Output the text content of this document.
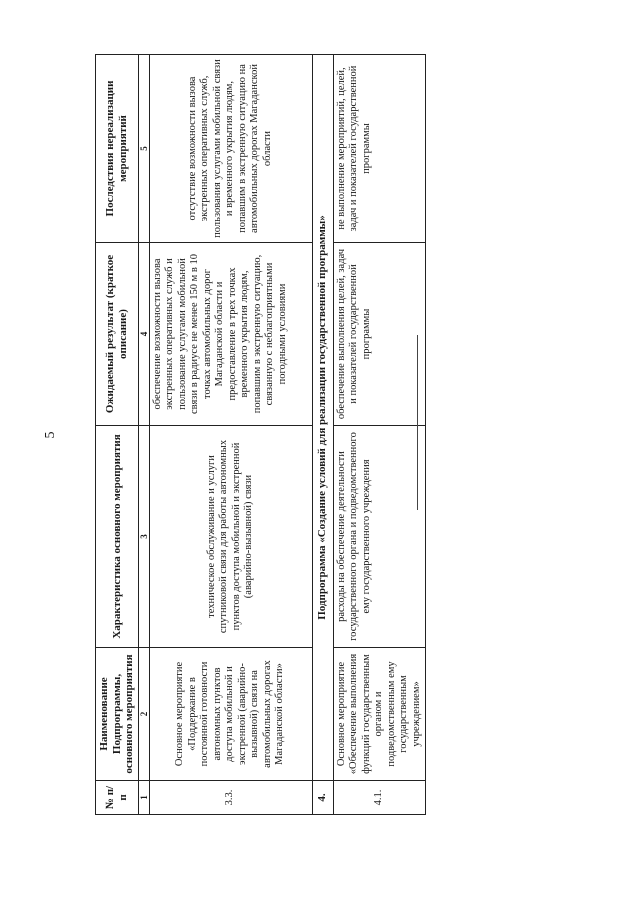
5
№ п/п	Наименование Подпрограммы, основного мероприятия	Характеристика основного мероприятия	Ожидаемый результат (краткое описание)	Последствия нереализации мероприятий
1	2	3	4	5
3.3.	Основное мероприятие «Поддержание в постоянной готовности автономных пунктов доступа мобильной и экстренной (аварийно-вызывной) связи на автомобильных дорогах Магаданской области»	техническое обслуживание и услуги спутниковой связи для работы автономных пунктов доступа мобильной и экстренной (аварийно-вызывной) связи	обеспечение возможности вызова экстренных оперативных служб и пользование услугами мобильной связи в радиусе не менее 150 м в 10 точках автомобильных дорог Магаданской области и предоставление в трех точках временного укрытия людям, попавшим в экстренную ситуацию, связанную с неблагоприятными погодными условиями	отсутствие возможности вызова экстренных оперативных служб, пользования услугами мобильной связи и временного укрытия людям, попавшим в экстренную ситуацию на автомобильных дорогах Магаданской области
4.	Подпрограмма «Создание условий для реализации государственной программы»			
4.1.	Основное мероприятие «Обеспечение выполнения функций государственным органом и подведомственным ему государственным учреждением»	расходы на обеспечение деятельности государственного органа и подведомственного ему государственного учреждения	обеспечение выполнения целей, задач и показателей государственной программы	не выполнение мероприятий, целей, задач и показателей государственной программы
